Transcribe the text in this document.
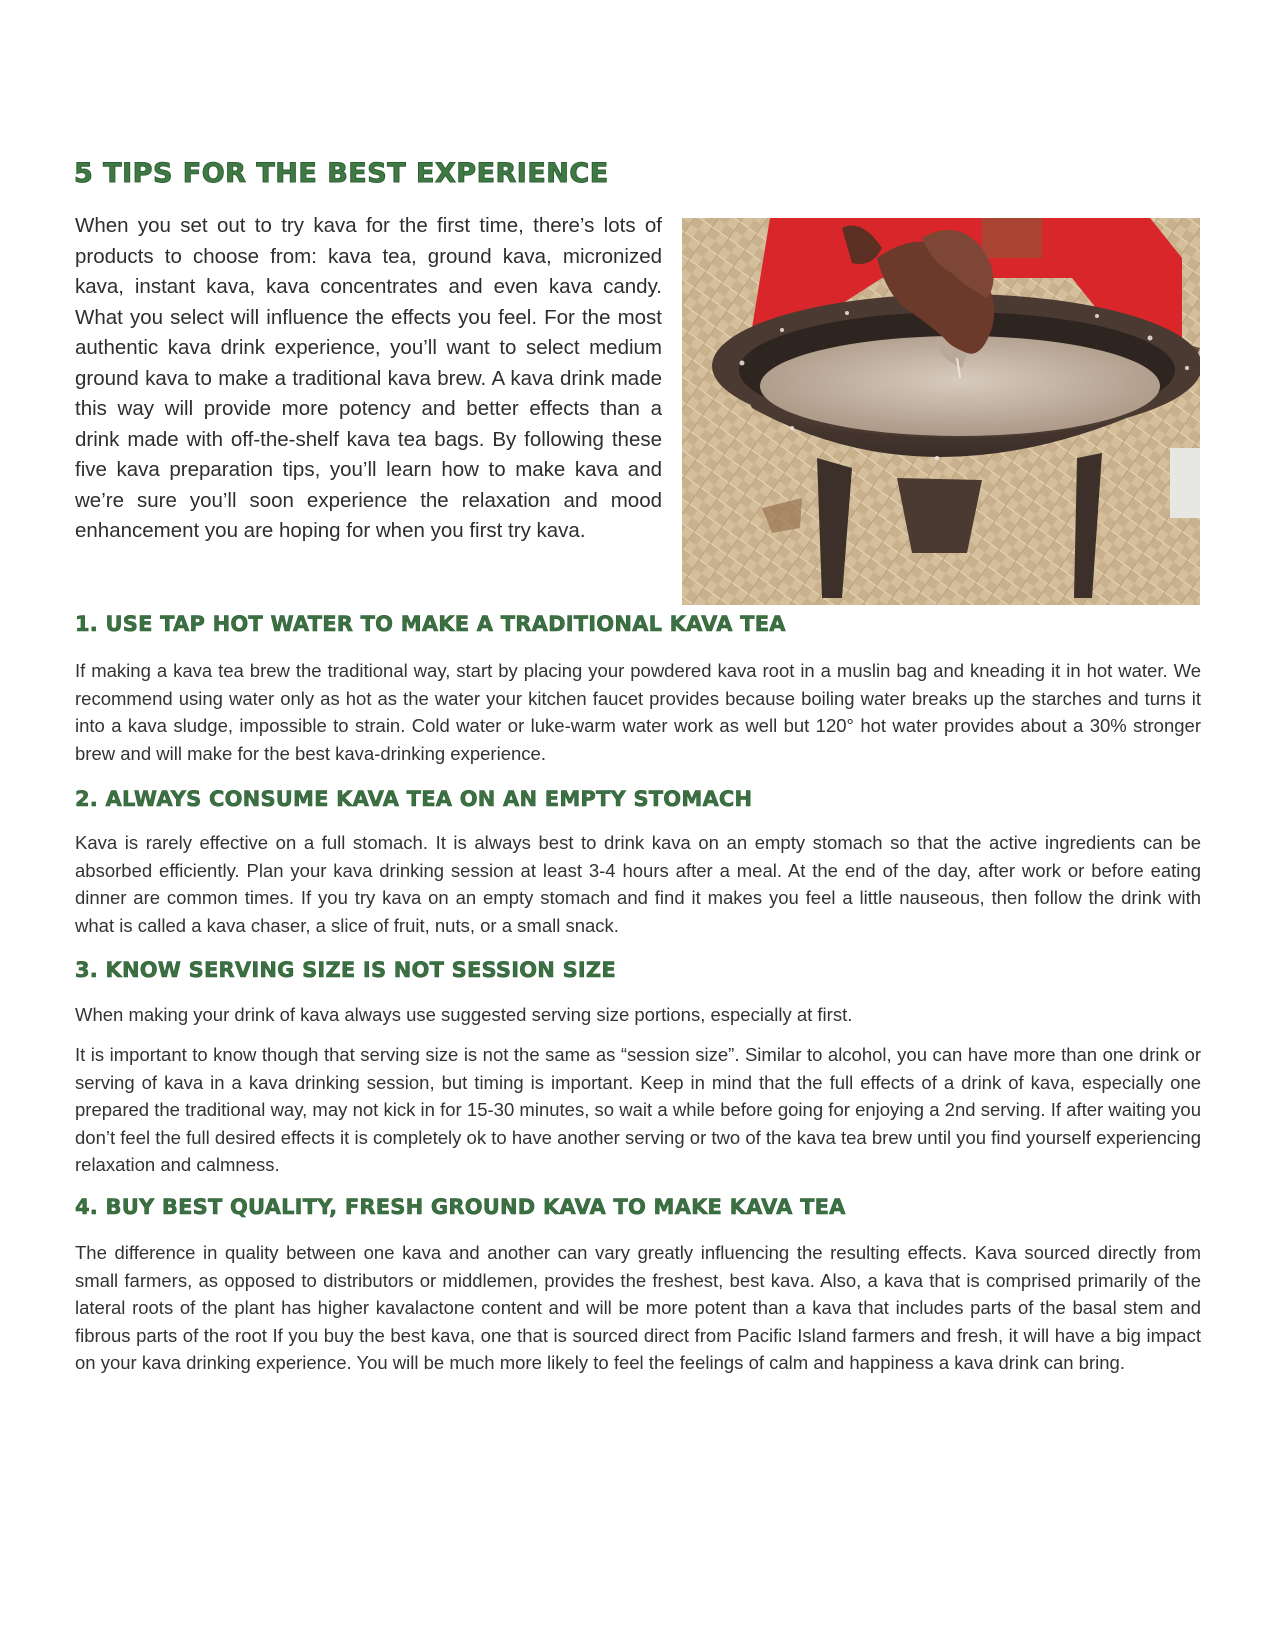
5 TIPS FOR THE BEST EXPERIENCE

When you set out to try kava for the first time, there’s lots of products to choose from: kava tea, ground kava, micronized kava, instant kava, kava concentrates and even kava candy. What you select will influence the effects you feel. For the most authentic kava drink experience, you’ll want to select medium ground kava to make a traditional kava brew. A kava drink made this way will provide more potency and better effects than a drink made with off-the-shelf kava tea bags. By following these five kava preparation tips, you’ll learn how to make kava and we’re sure you’ll soon experience the relaxation and mood enhancement you are hoping for when you first try kava.

1. USE TAP HOT WATER TO MAKE A TRADITIONAL KAVA TEA

If making a kava tea brew the traditional way, start by placing your powdered kava root in a muslin bag and kneading it in hot water. We recommend using water only as hot as the water your kitchen faucet provides because boiling water breaks up the starches and turns it into a kava sludge, impossible to strain. Cold water or luke-warm water work as well but 120° hot water provides about a 30% stronger brew and will make for the best kava-drinking experience.

2. ALWAYS CONSUME KAVA TEA ON AN EMPTY STOMACH

Kava is rarely effective on a full stomach. It is always best to drink kava on an empty stomach so that the active ingredients can be absorbed efficiently. Plan your kava drinking session at least 3-4 hours after a meal. At the end of the day, after work or before eating dinner are common times. If you try kava on an empty stomach and find it makes you feel a little nauseous, then follow the drink with what is called a kava chaser, a slice of fruit, nuts, or a small snack.

3. KNOW SERVING SIZE IS NOT SESSION SIZE

When making your drink of kava always use suggested serving size portions, especially at first.

It is important to know though that serving size is not the same as “session size”. Similar to alcohol, you can have more than one drink or serving of kava in a kava drinking session, but timing is important. Keep in mind that the full effects of a drink of kava, especially one prepared the traditional way, may not kick in for 15-30 minutes, so wait a while before going for enjoying a 2nd serving. If after waiting you don’t feel the full desired effects it is completely ok to have another serving or two of the kava tea brew until you find yourself experiencing relaxation and calmness.

4. BUY BEST QUALITY, FRESH GROUND KAVA TO MAKE KAVA TEA

The difference in quality between one kava and another can vary greatly influencing the resulting effects. Kava sourced directly from small farmers, as opposed to distributors or middlemen, provides the freshest, best kava. Also, a kava that is comprised primarily of the lateral roots of the plant has higher kavalactone content and will be more potent than a kava that includes parts of the basal stem and fibrous parts of the root If you buy the best kava, one that is sourced direct from Pacific Island farmers and fresh, it will have a big impact on your kava drinking experience. You will be much more likely to feel the feelings of calm and happiness a kava drink can bring.
